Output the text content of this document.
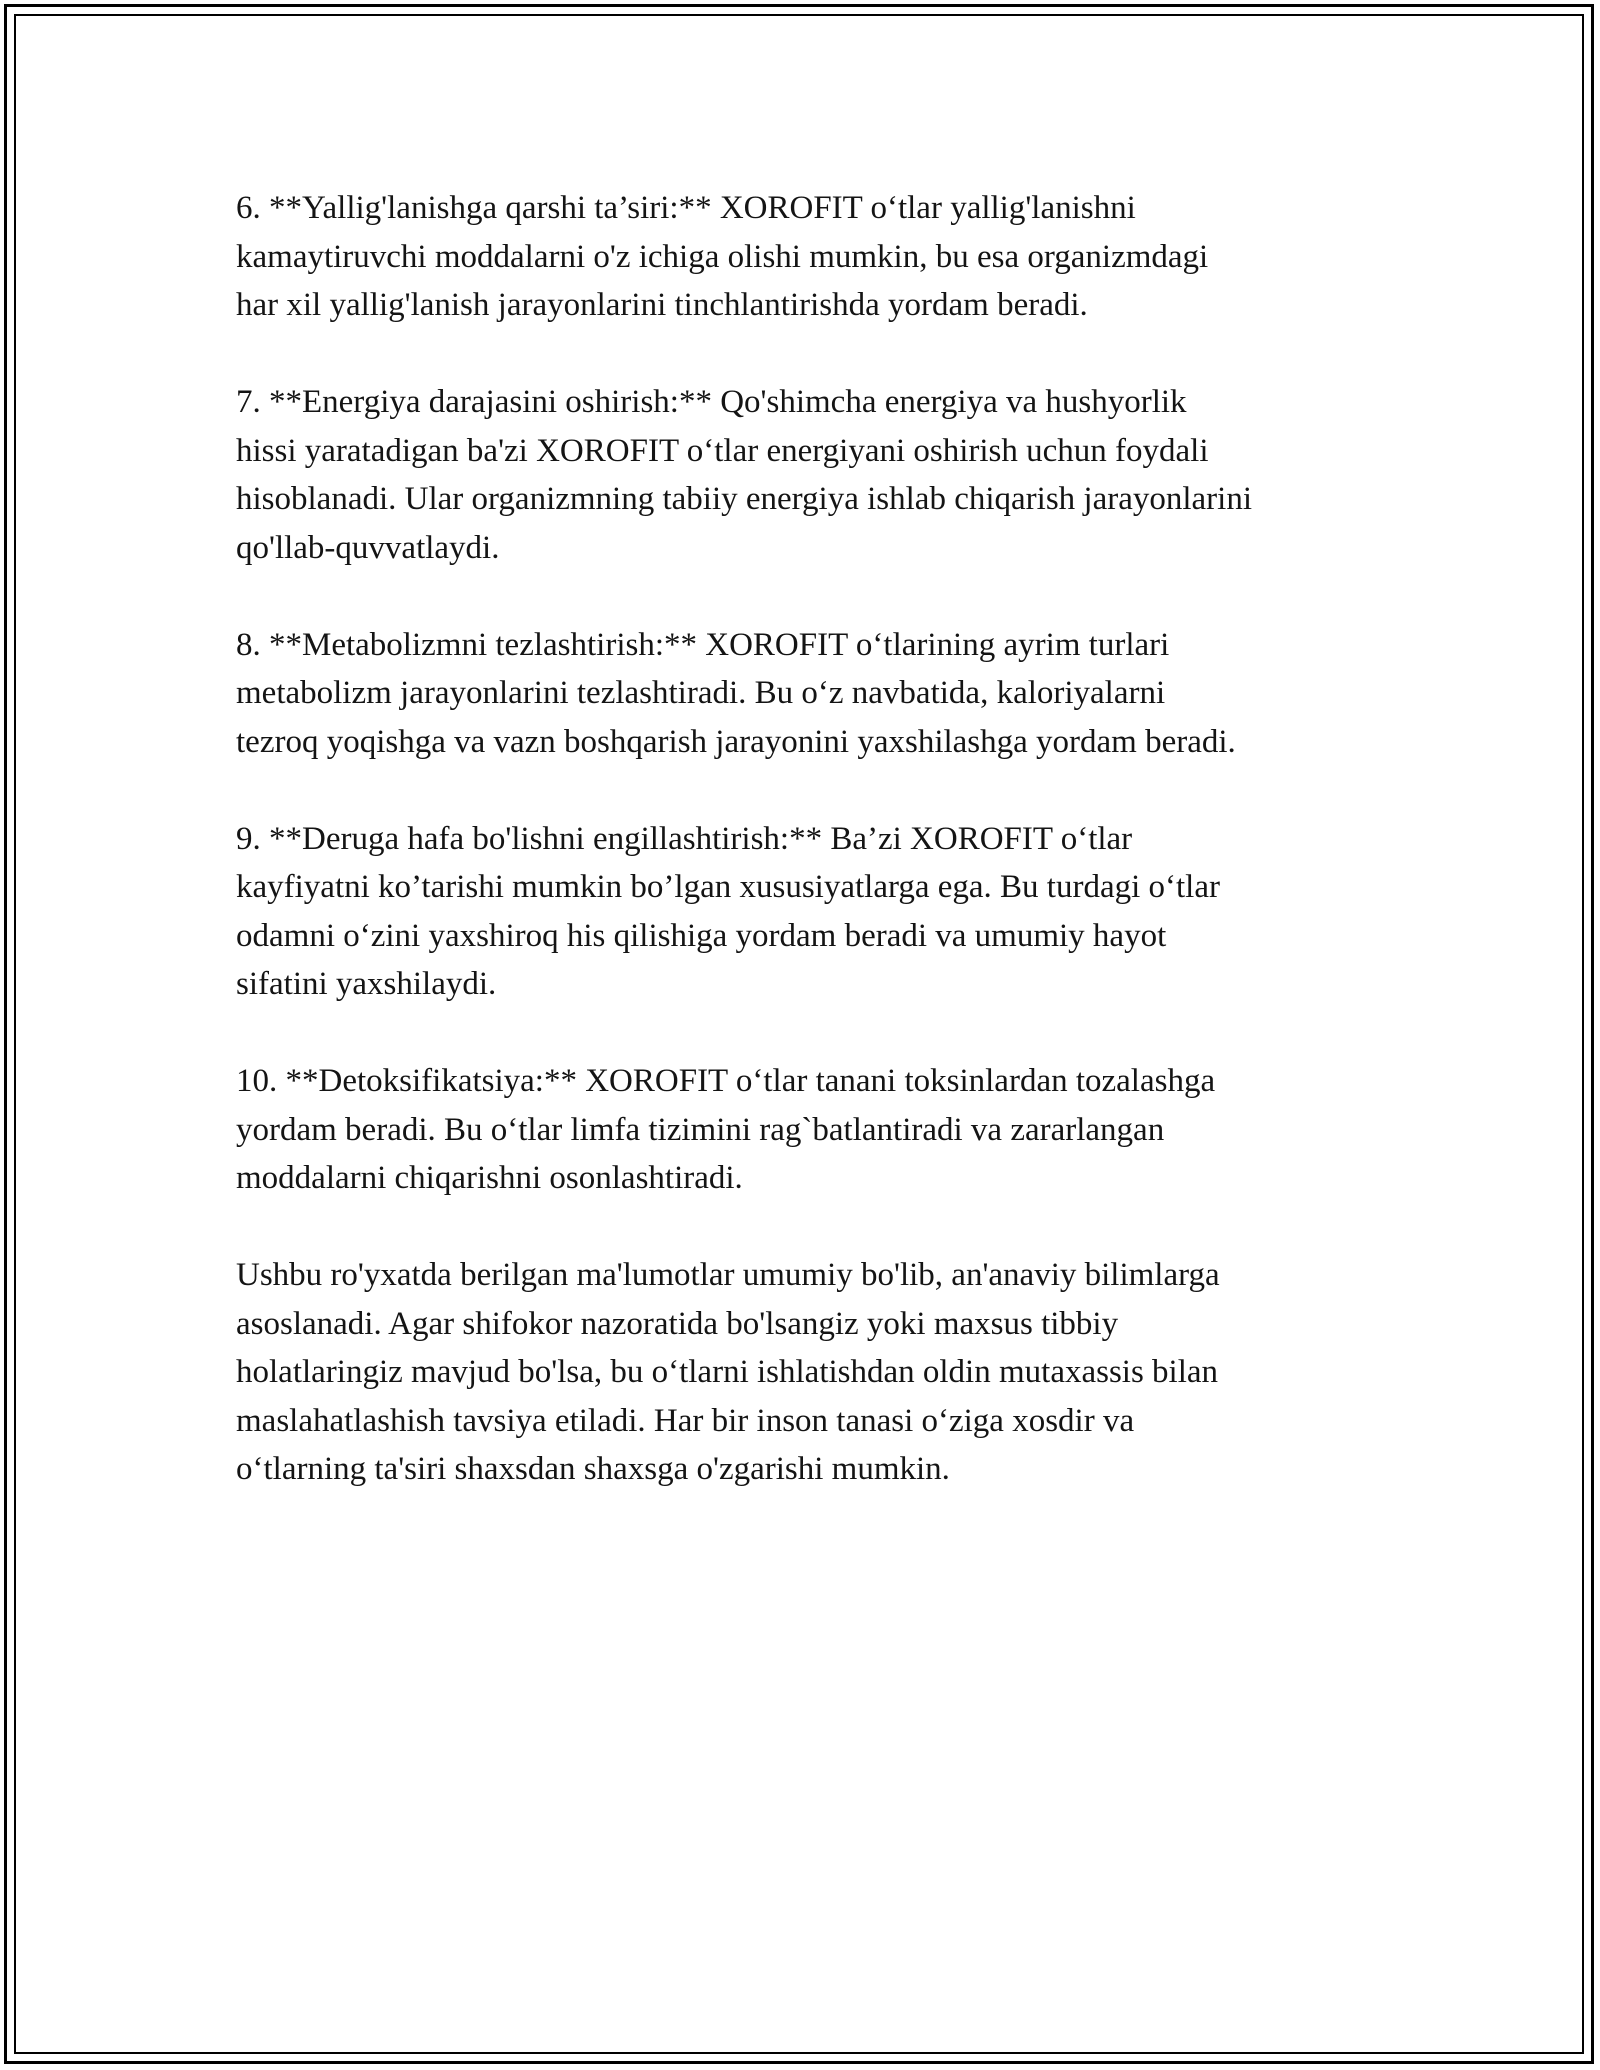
6. **Yallig'lanishga qarshi ta’siri:** XOROFIT o‘tlar yallig'lanishni
kamaytiruvchi moddalarni o'z ichiga olishi mumkin, bu esa organizmdagi
har xil yallig'lanish jarayonlarini tinchlantirishda yordam beradi.
7. **Energiya darajasini oshirish:** Qo'shimcha energiya va hushyorlik
hissi yaratadigan ba'zi XOROFIT o‘tlar energiyani oshirish uchun foydali
hisoblanadi. Ular organizmning tabiiy energiya ishlab chiqarish jarayonlarini
qo'llab-quvvatlaydi.
8. **Metabolizmni tezlashtirish:** XOROFIT o‘tlarining ayrim turlari
metabolizm jarayonlarini tezlashtiradi. Bu o‘z navbatida, kaloriyalarni
tezroq yoqishga va vazn boshqarish jarayonini yaxshilashga yordam beradi.
9. **Deruga hafa bo'lishni engillashtirish:** Ba’zi XOROFIT o‘tlar
kayfiyatni ko’tarishi mumkin bo’lgan xususiyatlarga ega. Bu turdagi o‘tlar
odamni o‘zini yaxshiroq his qilishiga yordam beradi va umumiy hayot
sifatini yaxshilaydi.
10. **Detoksifikatsiya:** XOROFIT o‘tlar tanani toksinlardan tozalashga
yordam beradi. Bu o‘tlar limfa tizimini rag`batlantiradi va zararlangan
moddalarni chiqarishni osonlashtiradi.
Ushbu ro'yxatda berilgan ma'lumotlar umumiy bo'lib, an'anaviy bilimlarga
asoslanadi. Agar shifokor nazoratida bo'lsangiz yoki maxsus tibbiy
holatlaringiz mavjud bo'lsa, bu o‘tlarni ishlatishdan oldin mutaxassis bilan
maslahatlashish tavsiya etiladi. Har bir inson tanasi o‘ziga xosdir va
o‘tlarning ta'siri shaxsdan shaxsga o'zgarishi mumkin.
